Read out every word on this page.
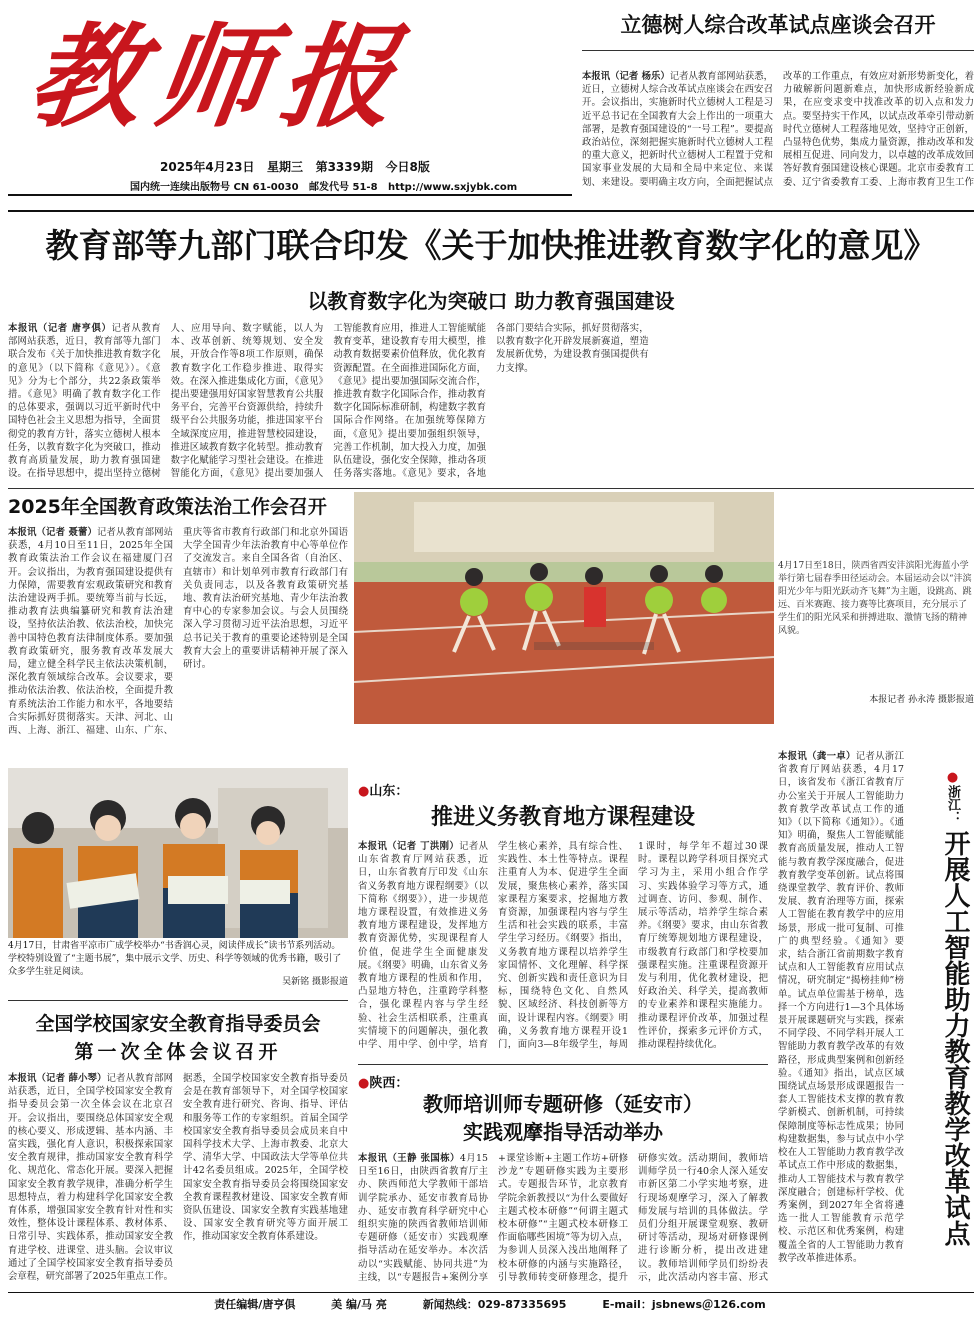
教师报
2025年4月23日 星期三 第3339期 今日8版
国内统一连续出版物号 CN 61-0030 邮发代号 51-8 http://www.sxjybk.com
立德树人综合改革试点座谈会召开
本报讯（记者 杨乐）记者从教育部网站获悉，近日，立德树人综合改革试点座谈会在西安召开。会议指出，实施新时代立德树人工程是习近平总书记在全国教育大会上作出的一项重大部署，是教育强国建设的“一号工程”。要提高政治站位，深刻把握实施新时代立德树人工程的重大意义，把新时代立德树人工程置于党和国家事业发展的大局和全局中来定位、来谋划、来建设。要明确主攻方向，全面把握试点改革的工作重点，有效应对新形势新变化，着力破解新问题新难点，加快形成新经验新成果，在应变求变中找准改革的切入点和发力点。要坚持实干作风，以试点改革牵引带动新时代立德树人工程落地见效，坚持守正创新，凸显特色优势，集成力量资源，推动改革和发展相互促进、同向发力，以卓越的改革成效回答好教育强国建设核心课题。北京市委教育工委、辽宁省委教育工委、上海市教育卫生工作
教育部等九部门联合印发《关于加快推进教育数字化的意见》
以教育数字化为突破口 助力教育强国建设
本报讯（记者 唐亨俱）记者从教育部网站获悉，近日，教育部等九部门联合发布《关于加快推进教育数字化的意见》（以下简称《意见》）。《意见》分为七个部分，共22条政策举措。《意见》明确了教育数字化工作的总体要求，强调以习近平新时代中国特色社会主义思想为指导，全面贯彻党的教育方针，落实立德树人根本任务，以教育数字化为突破口，推动教育高质量发展，助力教育强国建设。在指导思想中，提出坚持立德树人、应用导向、数字赋能，以人为本、改革创新、统筹规划、安全发展，开放合作等8项工作原则，确保教育数字化工作稳步推进、取得实效。在深入推进集成化方面，《意见》提出要建强用好国家智慧教育公共服务平台，完善平台资源供给，持续升级平台公共服务功能，推进国家平台全域深度应用，推进智慧校园建设，推进区域教育数字化转型。推动教育数字化赋能学习型社会建设。在推进智能化方面，《意见》提出要加强人工智能教育应用，推进人工智能赋能教育变革，建设教育专用大模型，推动教育数据要素价值释放，优化教育资源配置。在全面推进国际化方面，《意见》提出要加强国际交流合作，推进教育数字化国际合作，推动教育数字化国际标准研制，构建数字教育国际合作网络。在加强统筹保障方面，《意见》提出要加强组织领导，完善工作机制，加大投入力度，加强队伍建设，强化安全保障，推动各项任务落实落地。《意见》要求，各地各部门要结合实际，抓好贯彻落实，以教育数字化开辟发展新赛道，塑造发展新优势，为建设教育强国提供有力支撑。
2025年全国教育政策法治工作会召开
本报讯（记者 聂蕾）记者从教育部网站获悉，4月10日至11日，2025年全国教育政策法治工作会议在福建厦门召开。会议指出，为教育强国建设提供有力保障，需要教育宏观政策研究和教育法治建设两手抓。要统筹当前与长远，推动教育法典编纂研究和教育法治建设，坚持依法治教、依法治校，加快完善中国特色教育法律制度体系。要加强教育政策研究，服务教育改革发展大局，建立健全科学民主依法决策机制，深化教育领域综合改革。会议要求，要推动依法治教、依法治校，全面提升教育系统法治工作能力和水平，各地要结合实际抓好贯彻落实。天津、河北、山西、上海、浙江、福建、山东、广东、重庆等省市教育行政部门和北京外国语大学全国青少年法治教育中心等单位作了交流发言。来自全国各省（自治区、直辖市）和计划单列市教育行政部门有关负责同志，以及各教育政策研究基地、教育法治研究基地、青少年法治教育中心的专家参加会议。与会人员围绕深入学习贯彻习近平法治思想，习近平总书记关于教育的重要论述特别是全国教育大会上的重要讲话精神开展了深入研讨。
4月17日至18日，陕西省西安沣滨阳光海蓝小学举行第七届春季田径运动会。本届运动会以“沣滨阳光少年与阳光跃动齐飞舞”为主题，设跳高、跳远、百米赛跑、接力赛等比赛项目，充分展示了学生们的阳光风采和拼搏进取、激情飞扬的精神风貌。
本报记者 孙永涛 摄影报道
4月17日，甘肃省平凉市广成学校举办“书香润心灵，阅读伴成长”读书节系列活动。学校特别设置了“主题书展”，集中展示文学、历史、科学等领域的优秀书籍，吸引了众多学生驻足阅读。
吴新铭 摄影报道
全国学校国家安全教育指导委员会
第一次全体会议召开
本报讯（记者 薛小琴）记者从教育部网站获悉，近日，全国学校国家安全教育指导委员会第一次全体会议在北京召开。会议指出，要围绕总体国家安全观的核心要义、形成逻辑、基本内涵、丰富实践，强化育人意识，积极探索国家安全教育规律，推动国家安全教育科学化、规范化、常态化开展。要深入把握国家安全教育教学规律，准确分析学生思想特点，着力构建科学化国家安全教育体系，增强国家安全教育针对性和实效性，整体设计课程体系、教材体系、日常引导、实践体系，推动国家安全教育进学校、进课堂、进头脑。会议审议通过了全国学校国家安全教育指导委员会章程，研究部署了2025年重点工作。据悉，全国学校国家安全教育指导委员会是在教育部领导下，对全国学校国家安全教育进行研究、咨询、指导、评估和服务等工作的专家组织。首届全国学校国家安全教育指导委员会成员来自中国科学技术大学、上海市教委、北京大学、清华大学、中国政法大学等单位共计42名委员组成。2025年，全国学校国家安全教育指导委员会将围绕国家安全教育课程教材建设、国家安全教育师资队伍建设、国家安全教育实践基地建设、国家安全教育研究等方面开展工作，推动国家安全教育体系建设。
●山东：
推进义务教育地方课程建设
本报讯（记者 丁洪刚）记者从山东省教育厅网站获悉，近日，山东省教育厅印发《山东省义务教育地方课程纲要》（以下简称《纲要》），进一步规范地方课程设置，有效推进义务教育地方课程建设，发挥地方教育资源优势，实现课程育人价值，促进学生全面健康发展。《纲要》明确，山东省义务教育地方课程的性质和作用，凸显地方特色，注重跨学科整合，强化课程内容与学生经验、社会生活相联系，注重真实情境下的问题解决，强化教中学、用中学、创中学，培育学生核心素养，具有综合性、实践性、本土性等特点。课程注重育人为本、促进学生全面发展，聚焦核心素养，落实国家课程方案要求，挖掘地方教育资源，加强课程内容与学生生活和社会实践的联系，丰富学生学习经历。《纲要》指出，义务教育地方课程以培养学生家国情怀、文化理解、科学探究、创新实践和责任意识为目标，围绕特色文化、自然风貌、区域经济、科技创新等方面，设计课程内容。《纲要》明确，义务教育地方课程开设1门，面向3—8年级学生，每周1课时，每学年不超过30课时。课程以跨学科项目探究式学习为主，采用小组合作学习、实践体验学习等方式，通过调查、访问、参观、制作、展示等活动，培养学生综合素养。《纲要》要求，由山东省教育厅统筹规划地方课程建设，市级教育行政部门和学校要加强课程实施。注重课程资源开发与利用，优化教材建设，把好政治关、科学关，提高教师的专业素养和课程实施能力。推动课程评价改革，加强过程性评价，探索多元评价方式，推动课程持续优化。
●陕西：
教师培训师专题研修（延安市）
实践观摩指导活动举办
本报讯（王静 张国栋）4月15日至16日，由陕西省教育厅主办、陕西师范大学教师干部培训学院承办、延安市教育局协办、延安市教育科学研究中心组织实施的陕西省教师培训师专题研修（延安市）实践观摩指导活动在延安举办。本次活动以“实践赋能、协同共进”为主线，以“专题报告+案例分享+课堂诊断+主题工作坊+研修沙龙”专题研修实践为主要形式。专题报告环节，北京教育学院余新教授以“为什么要做好主题式校本研修”“何谓主题式校本研修”“主题式校本研修工作面临哪些困境”等为切入点，为参训人员深入浅出地阐释了校本研修的内涵与实施路径，引导教师转变研修理念，提升研修实效。活动期间，教师培训师学员一行40余人深入延安市新区第二小学实地考察，进行现场观摩学习，深入了解教师发展与培训的具体做法。学员们分组开展课堂观察、教研研讨等活动，现场对研修课例进行诊断分析，提出改进建议。教师培训师学员们纷纷表示，此次活动内容丰富、形式
本报讯（龚一卓）记者从浙江省教育厅网站获悉，4月17日，该省发布《浙江省教育厅办公室关于开展人工智能助力教育教学改革试点工作的通知》（以下简称《通知》）。《通知》明确，聚焦人工智能赋能教育高质量发展，推动人工智能与教育教学深度融合，促进教育教学变革创新。试点将围绕课堂教学、教育评价、教师发展、教育治理等方面，探索人工智能在教育教学中的应用场景，形成一批可复制、可推广的典型经验。《通知》要求，结合浙江省前期数字教育试点和人工智能教育应用试点情况，研究制定“揭榜挂帅”榜单。试点单位需基于榜单，选择一个方向进行1—3个具体场景开展课题研究与实践，探索不同学段、不同学科开展人工智能助力教育教学改革的有效路径，形成典型案例和创新经验。《通知》指出，试点区域围绕试点场景形成课题报告一套人工智能技术支撑的教育教学新模式、创新机制，可持续保障制度等标志性成果；协同构建数据集，参与试点中小学校在人工智能助力教育教学改革试点工作中形成的数据集，推动人工智能技术与教育教学深度融合；创建标杆学校、优秀案例，到2027年全省将遴选一批人工智能教育示范学校、示范区和优秀案例，构建覆盖全省的人工智能助力教育教学改革推进体系。
●浙江：
开展人工智能助力教育教学改革试点
责任编辑/唐亨俱	美 编/马 亮	新闻热线：029-87335695	E-mail：jsbnews＠126.com
